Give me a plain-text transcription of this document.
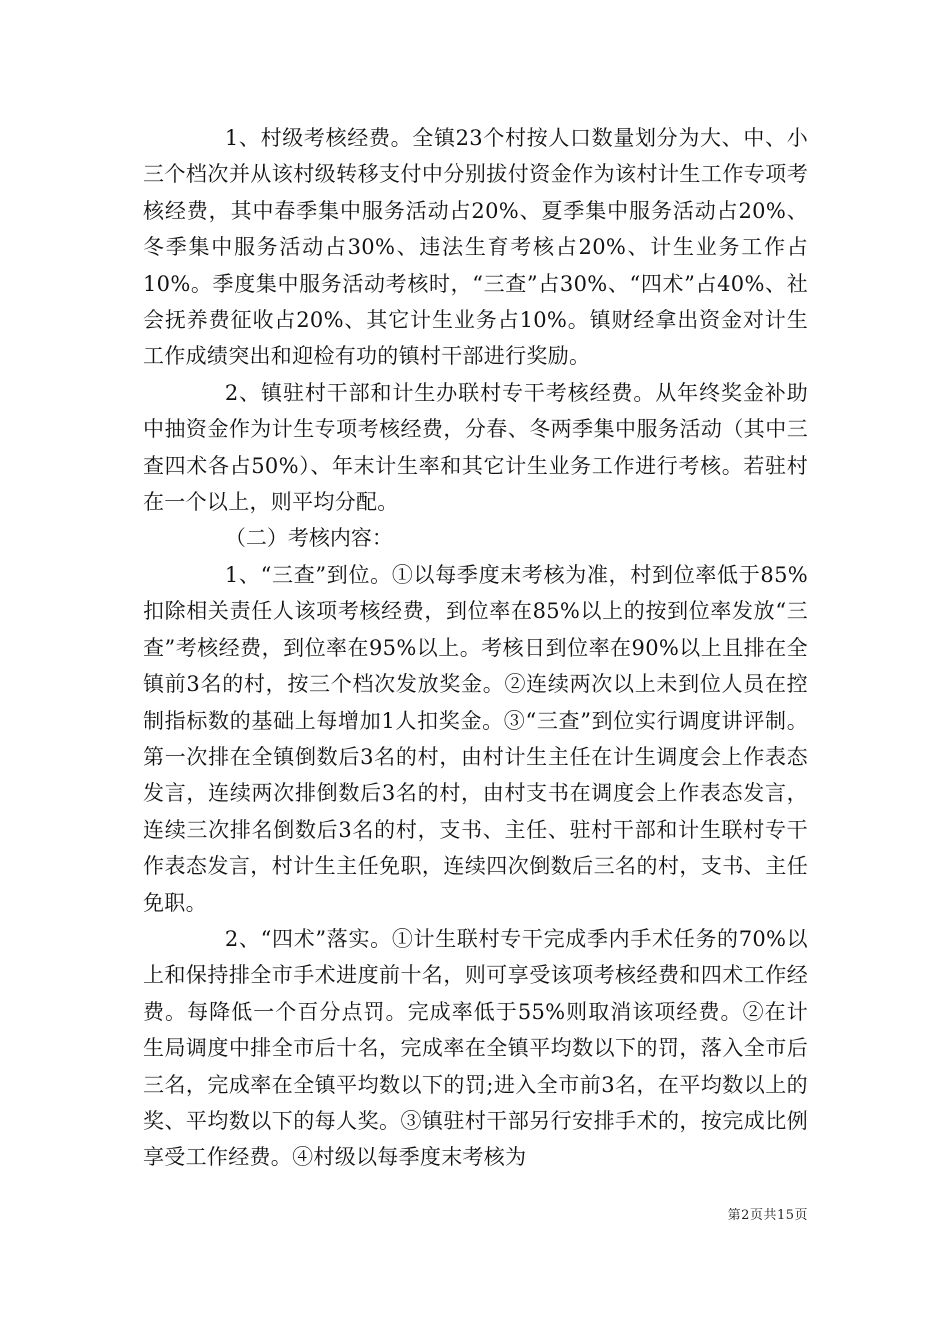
1、村级考核经费。全镇23个村按人口数量划分为大、中、小三个档次并从该村级转移支付中分别拔付资金作为该村计生工作专项考核经费，其中春季集中服务活动占20%、夏季集中服务活动占20%、冬季集中服务活动占30%、违法生育考核占20%、计生业务工作占10%。季度集中服务活动考核时，“三查”占30%、“四术”占40%、社会抚养费征收占20%、其它计生业务占10%。镇财经拿出资金对计生工作成绩突出和迎检有功的镇村干部进行奖励。

2、镇驻村干部和计生办联村专干考核经费。从年终奖金补助中抽资金作为计生专项考核经费，分春、冬两季集中服务活动（其中三查四术各占50%）、年末计生率和其它计生业务工作进行考核。若驻村在一个以上，则平均分配。

（二）考核内容：

1、“三查”到位。①以每季度末考核为准，村到位率低于85%扣除相关责任人该项考核经费，到位率在85%以上的按到位率发放“三查”考核经费，到位率在95%以上。考核日到位率在90%以上且排在全镇前3名的村，按三个档次发放奖金。②连续两次以上未到位人员在控制指标数的基础上每增加1人扣奖金。③“三查”到位实行调度讲评制。第一次排在全镇倒数后3名的村，由村计生主任在计生调度会上作表态发言，连续两次排倒数后3名的村，由村支书在调度会上作表态发言，连续三次排名倒数后3名的村，支书、主任、驻村干部和计生联村专干作表态发言，村计生主任免职，连续四次倒数后三名的村，支书、主任免职。

2、“四术”落实。①计生联村专干完成季内手术任务的70%以上和保持排全市手术进度前十名，则可享受该项考核经费和四术工作经费。每降低一个百分点罚。完成率低于55%则取消该项经费。②在计生局调度中排全市后十名，完成率在全镇平均数以下的罚，落入全市后三名，完成率在全镇平均数以下的罚;进入全市前3名，在平均数以上的奖、平均数以下的每人奖。③镇驻村干部另行安排手术的，按完成比例享受工作经费。④村级以每季度末考核为

第2页共15页
